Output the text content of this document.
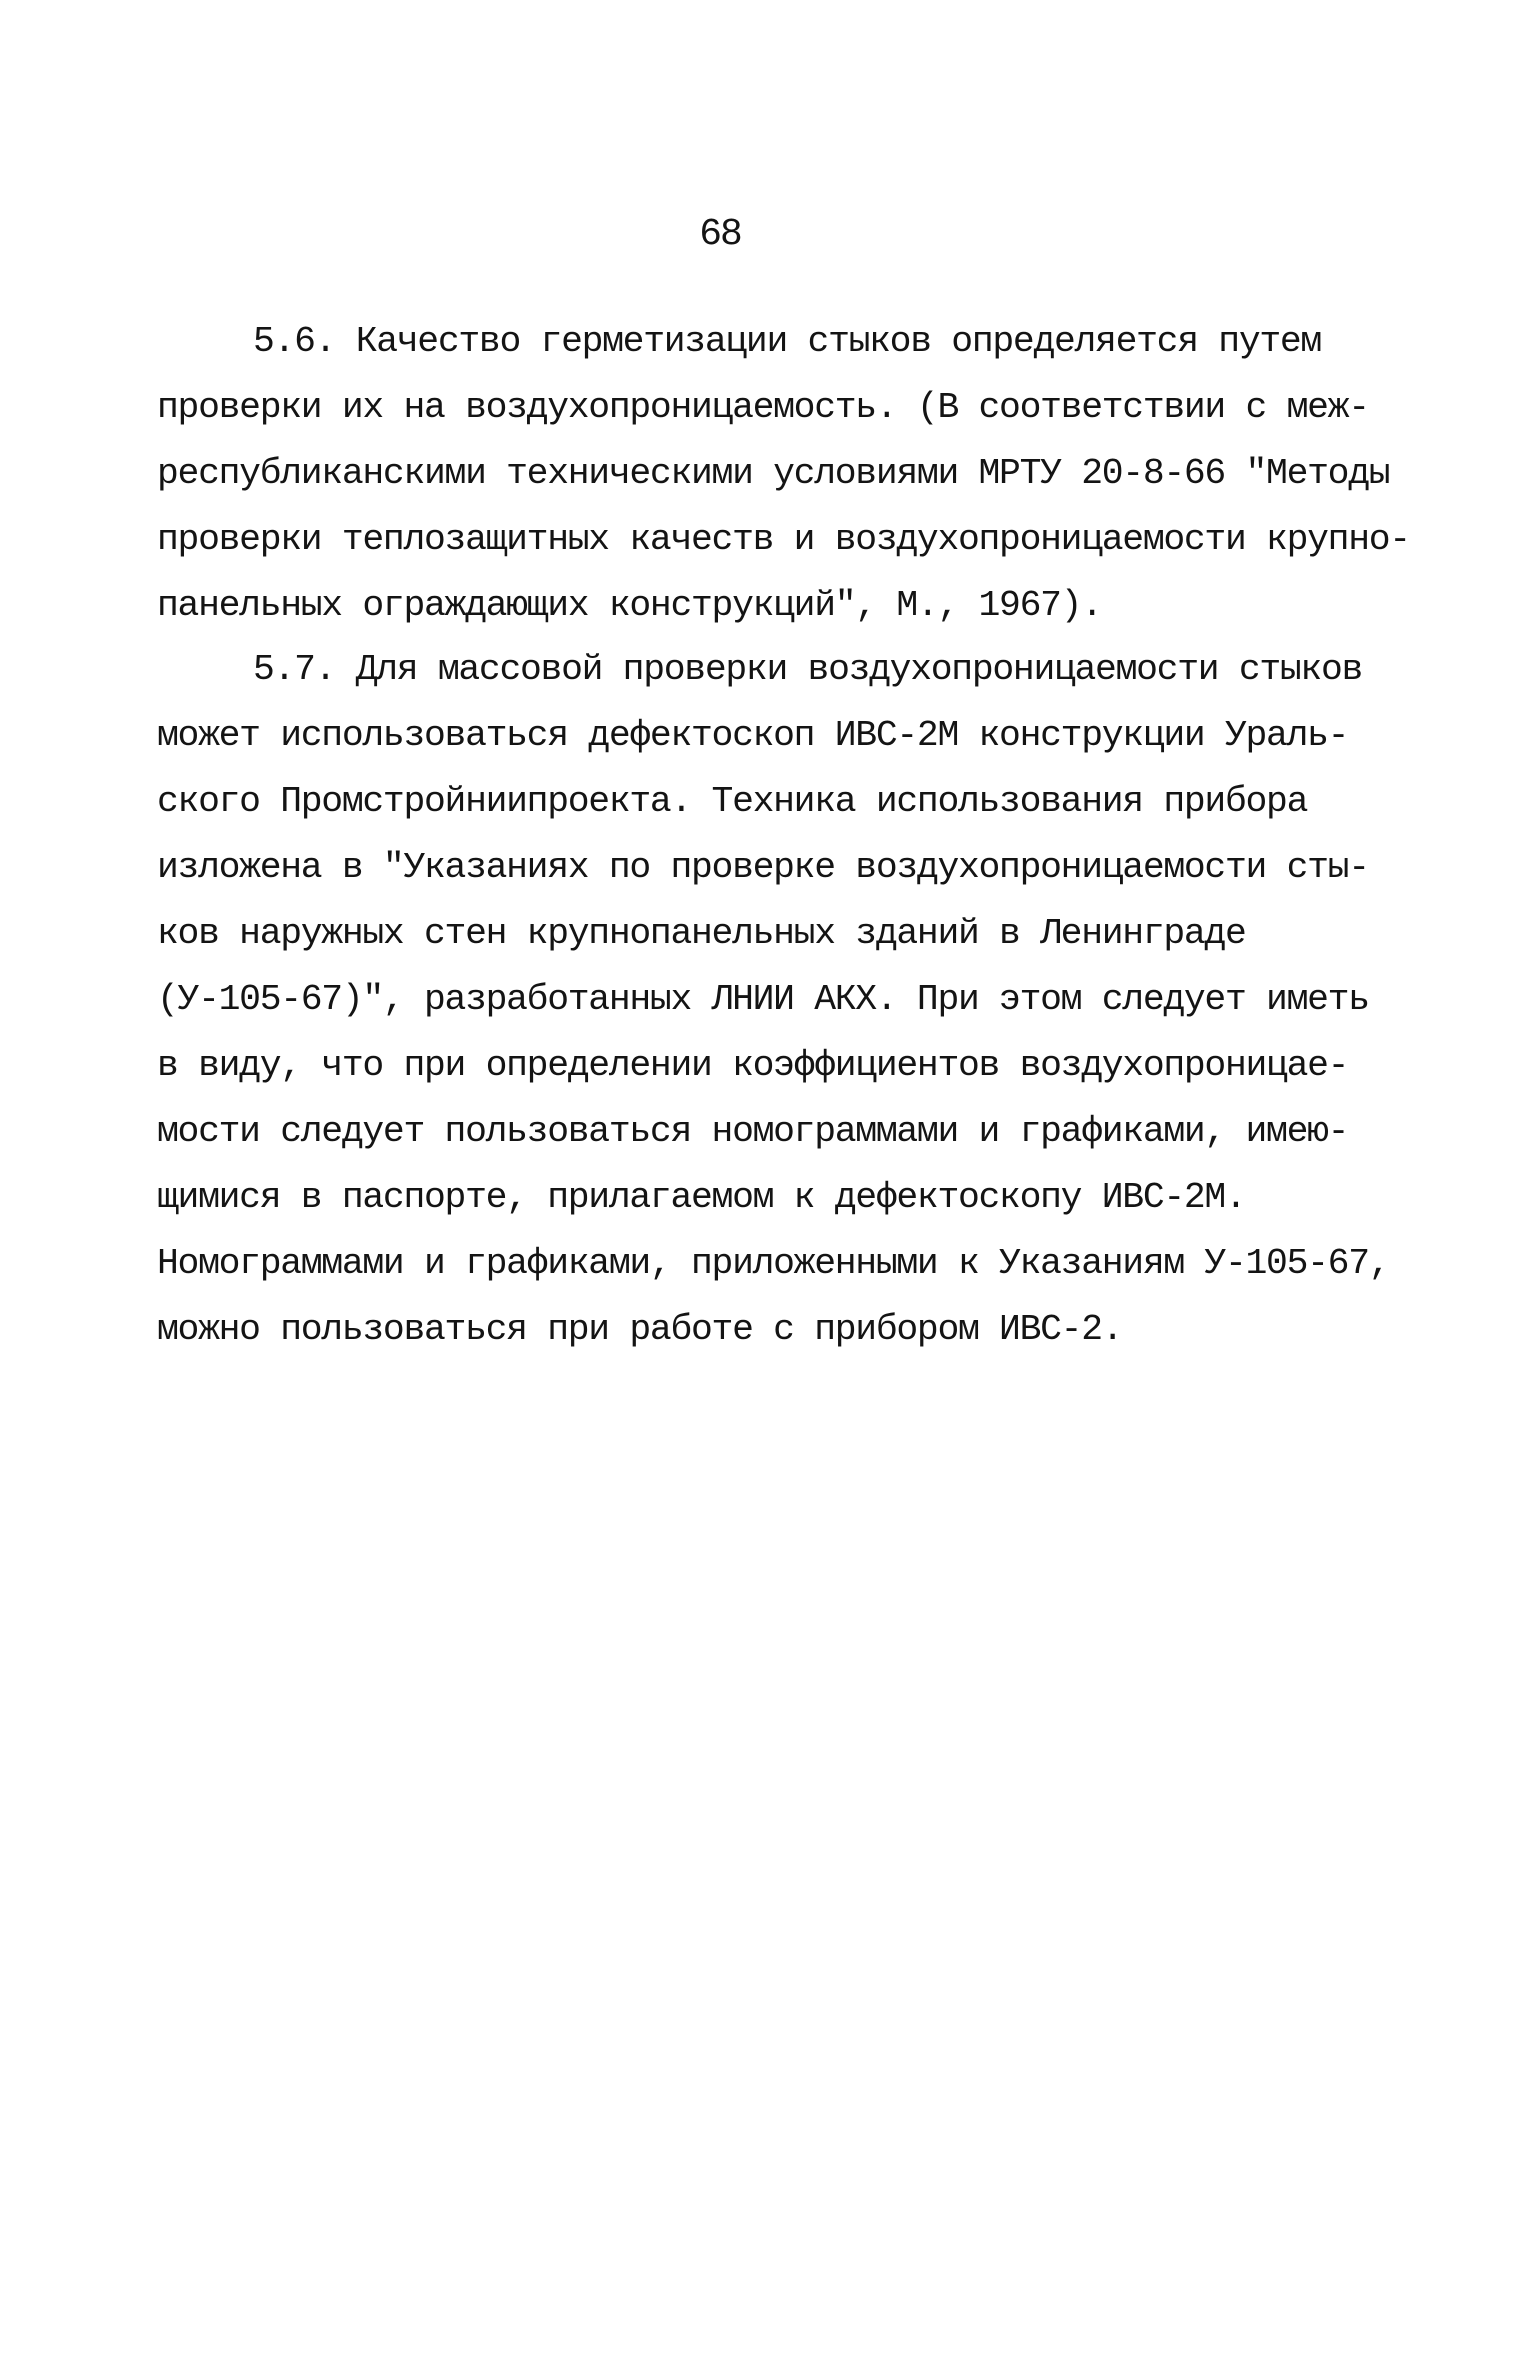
68
5.6. Качество герметизации стыков определяется путем
проверки их на воздухопроницаемость. (В соответствии с меж-
республиканскими техническими условиями МРТУ 20-8-66 "Методы
проверки теплозащитных качеств и воздухопроницаемости крупно-
панельных ограждающих конструкций", М., 1967).
5.7. Для массовой проверки воздухопроницаемости стыков
может использоваться дефектоскоп ИВС-2М конструкции Ураль-
ского Промстройниипроекта. Техника использования прибора
изложена в "Указаниях по проверке воздухопроницаемости сты-
ков наружных стен крупнопанельных зданий в Ленинграде
(У-105-67)", разработанных ЛНИИ АКХ. При этом следует иметь
в виду, что при определении коэффициентов воздухопроницае-
мости следует пользоваться номограммами и графиками, имею-
щимися в паспорте, прилагаемом к дефектоскопу ИВС-2М.
Номограммами и графиками, приложенными к Указаниям У-105-67,
можно пользоваться при работе с прибором ИВС-2.
